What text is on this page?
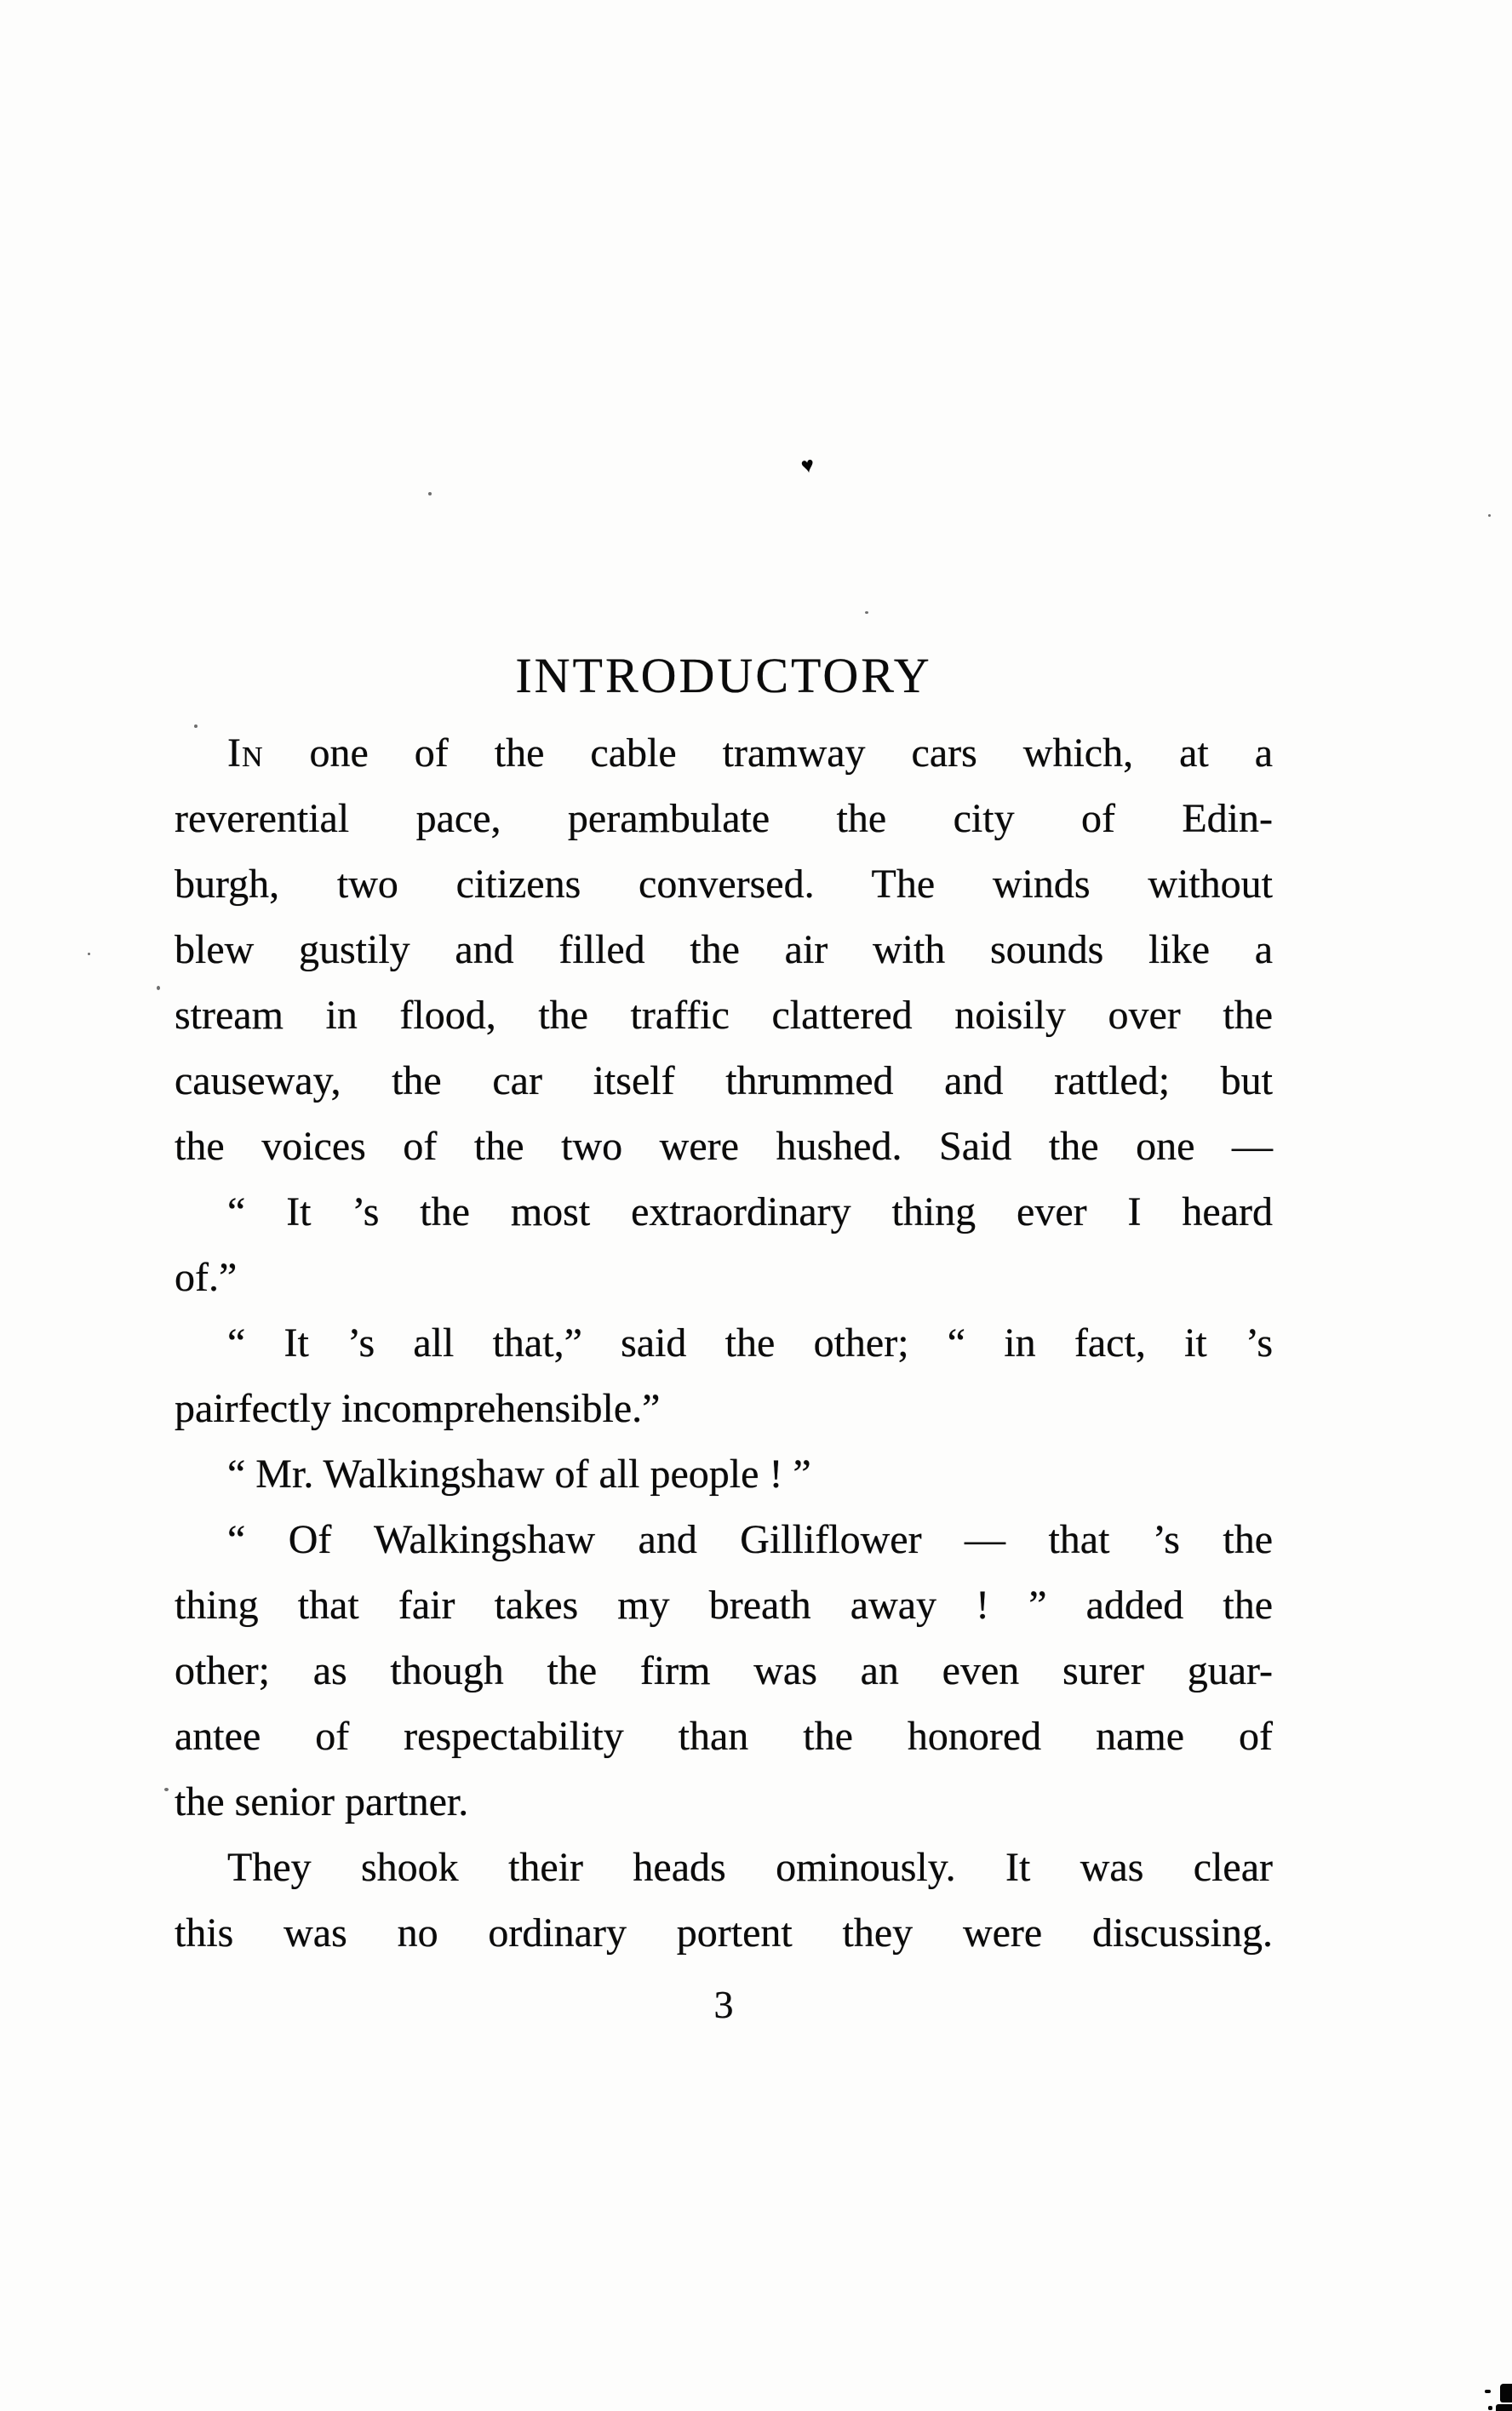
♥
INTRODUCTORY
In one of the cable tramway cars which, at a
reverential pace, perambulate the city of Edin-
burgh, two citizens conversed. The winds without
blew gustily and filled the air with sounds like a
stream in flood, the traffic clattered noisily over the
causeway, the car itself thrummed and rattled; but
the voices of the two were hushed. Said the one —
“ It ’s the most extraordinary thing ever I heard
of.”
“ It ’s all that,” said the other; “ in fact, it ’s
pairfectly incomprehensible.”
“ Mr. Walkingshaw of all people ! ”
“ Of Walkingshaw and Gilliflower — that ’s the
thing that fair takes my breath away ! ” added the
other; as though the firm was an even surer guar-
antee of respectability than the honored name of
the senior partner.
They shook their heads ominously. It was clear
this was no ordinary portent they were discussing.
3
